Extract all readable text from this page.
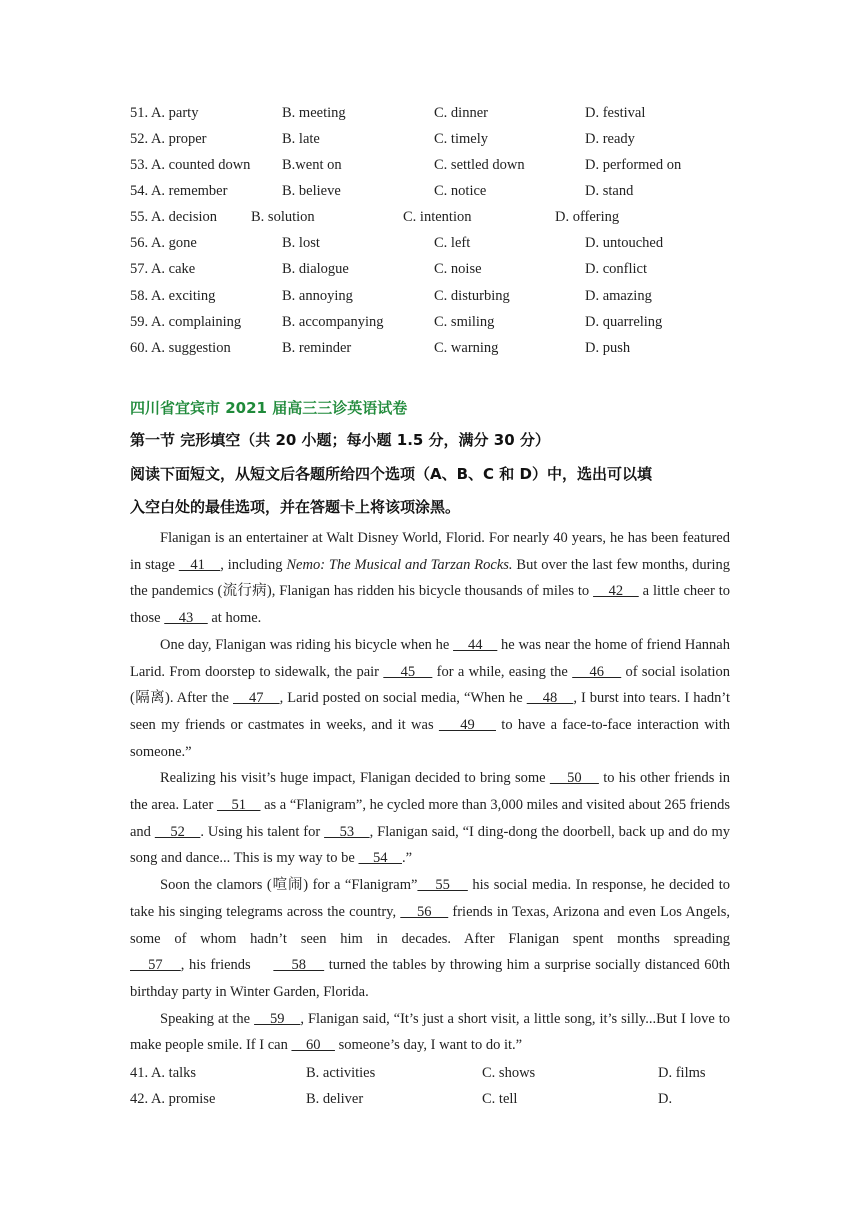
51. A. party	B. meeting	C. dinner	D. festival
52. A. proper	B. late	C. timely	D. ready
53. A. counted down B.went on	C. settled down	D. performed on
54. A. remember	B. believe	C. notice	D. stand
55. A. decision B. solution	C. intention	D. offering
56. A. gone	B. lost	C. left	D. untouched
57. A. cake	B. dialogue	C. noise	D. conflict
58. A. exciting	B. annoying	C. disturbing	D. amazing
59. A. complaining	B. accompanying	C. smiling	D. quarreling
60. A. suggestion	B. reminder	C. warning	D. push
四川省宜宾市 2021 届高三三诊英语试卷
第一节 完形填空（共 20 小题；每小题 1.5 分，满分 30 分）
阅读下面短文，从短文后各题所给四个选项（A、B、C 和 D）中，选出可以填
入空白处的最佳选项，并在答题卡上将该项涂黑。

Flanigan is an entertainer at Walt Disney World, Florid. For nearly 40 years, he has been featured in stage    41    , including Nemo: The Musical and Tarzan Rocks. But over the last few months, during the pandemics (流行病), Flanigan has ridden his bicycle thousands of miles to     42     a little cheer to those     43     at home.

One day, Flanigan was riding his bicycle when he     44     he was near the home of friend Hannah Larid. From doorstep to sidewalk, the pair     45     for a while, easing the     46     of social isolation (隔离). After the     47    , Larid posted on social media, “When he     48    , I burst into tears. I hadn’t seen my friends or castmates in weeks, and it was     49     to have a face-to-face interaction with someone.”

Realizing his visit’s huge impact, Flanigan decided to bring some     50     to his other friends in the area. Later     51     as a “Flanigram”, he cycled more than 3,000 miles and visited about 265 friends and     52    . Using his talent for     53    , Flanigan said, “I ding-dong the doorbell, back up and do my song and dance... This is my way to be     54    .”

Soon the clamors (喧闹) for a “Flanigram”    55     his social media. In response, he decided to take his singing telegrams across the country,     56     friends in Texas, Arizona and even Los Angels, some of whom hadn’t seen him in decades. After Flanigan spent months spreading     57    , his friends         58     turned the tables by throwing him a surprise socially distanced 60th birthday party in Winter Garden, Florida.

Speaking at the     59    , Flanigan said, “It’s just a short visit, a little song, it’s silly...But I love to make people smile. If I can     60     someone’s day, I want to do it.”

41. A. talks	B. activities	C. shows	D. films
42. A. promise	B. deliver	C. tell	D.
